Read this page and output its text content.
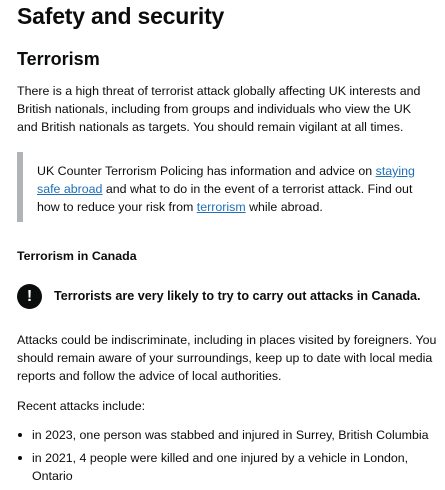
Safety and security
Terrorism

There is a high threat of terrorist attack globally affecting UK interests and British nationals, including from groups and individuals who view the UK and British nationals as targets. You should remain vigilant at all times.

UK Counter Terrorism Policing has information and advice on staying safe abroad and what to do in the event of a terrorist attack. Find out how to reduce your risk from terrorism while abroad.

Terrorism in Canada
!	Terrorists are very likely to try to carry out attacks in Canada.

Attacks could be indiscriminate, including in places visited by foreigners. You should remain aware of your surroundings, keep up to date with local media reports and follow the advice of local authorities.

Recent attacks include:

in 2023, one person was stabbed and injured in Surrey, British Columbia
in 2021, 4 people were killed and one injured by a vehicle in London, Ontario
